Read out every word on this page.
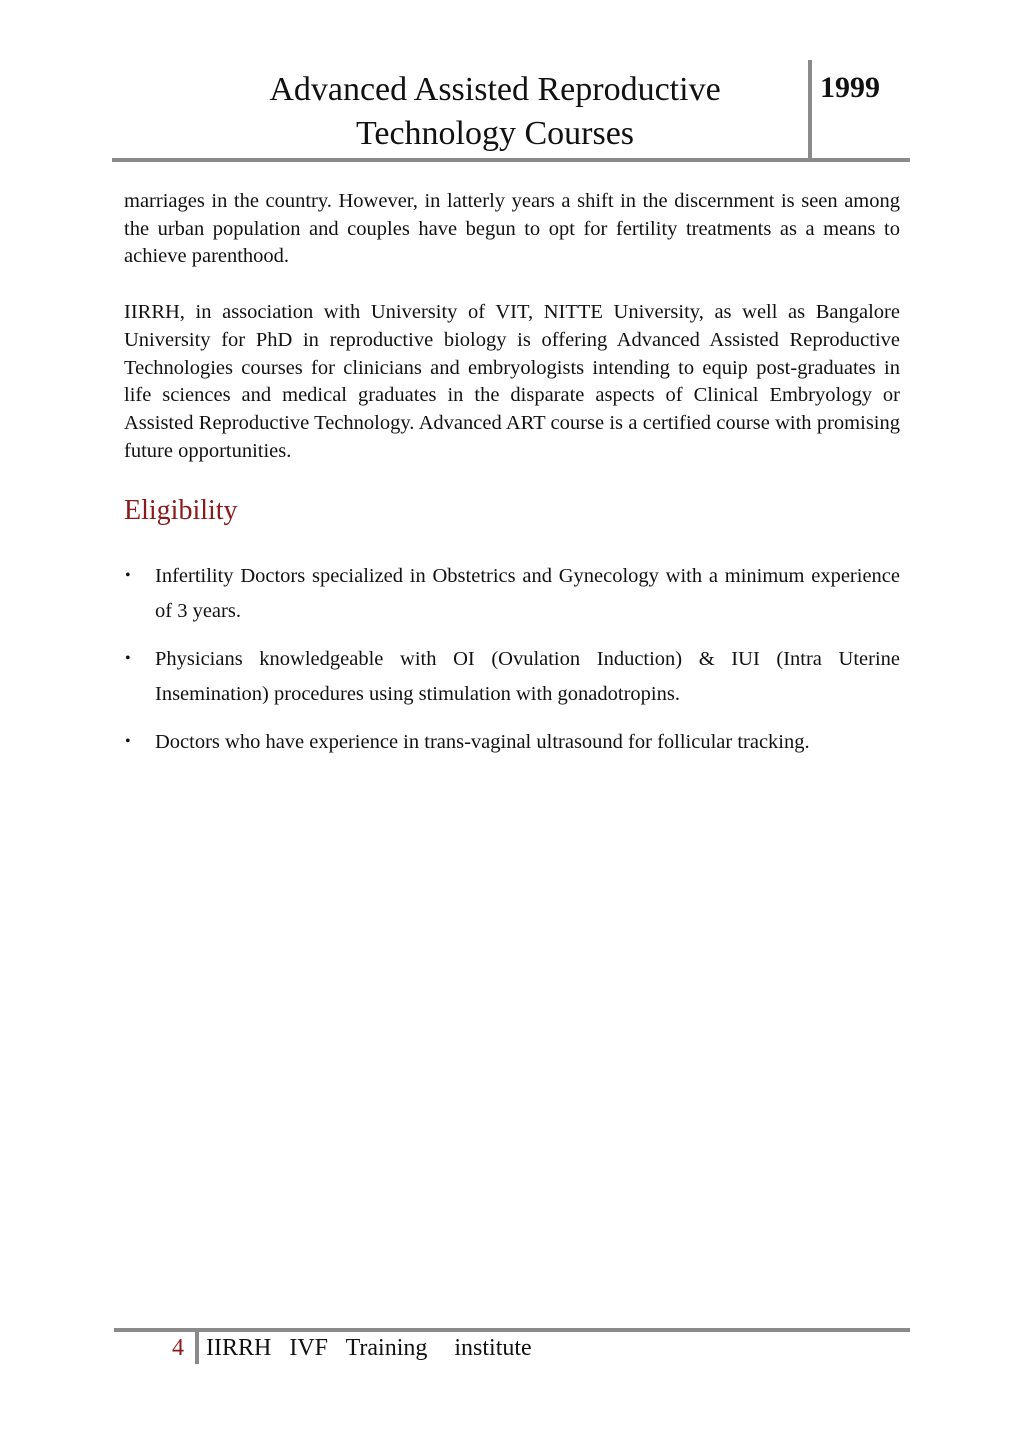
Advanced Assisted Reproductive
Technology Courses
1999

marriages in the country. However, in latterly years a shift in the discernment is seen among the urban population and couples have begun to opt for fertility treatments as a means to achieve parenthood.

IIRRH, in association with University of VIT, NITTE University, as well as Bangalore University for PhD in reproductive biology is offering Advanced Assisted Reproductive Technologies courses for clinicians and embryologists intending to equip post-graduates in life sciences and medical graduates in the disparate aspects of Clinical Embryology or Assisted Reproductive Technology. Advanced ART course is a certified course with promising future opportunities.

Eligibility
• Infertility Doctors specialized in Obstetrics and Gynecology with a minimum experience of 3 years.
• Physicians knowledgeable with OI (Ovulation Induction) & IUI (Intra Uterine Insemination) procedures using stimulation with gonadotropins.
• Doctors who have experience in trans-vaginal ultrasound for follicular tracking.
4 IIRRH  IVF  Training   institute
